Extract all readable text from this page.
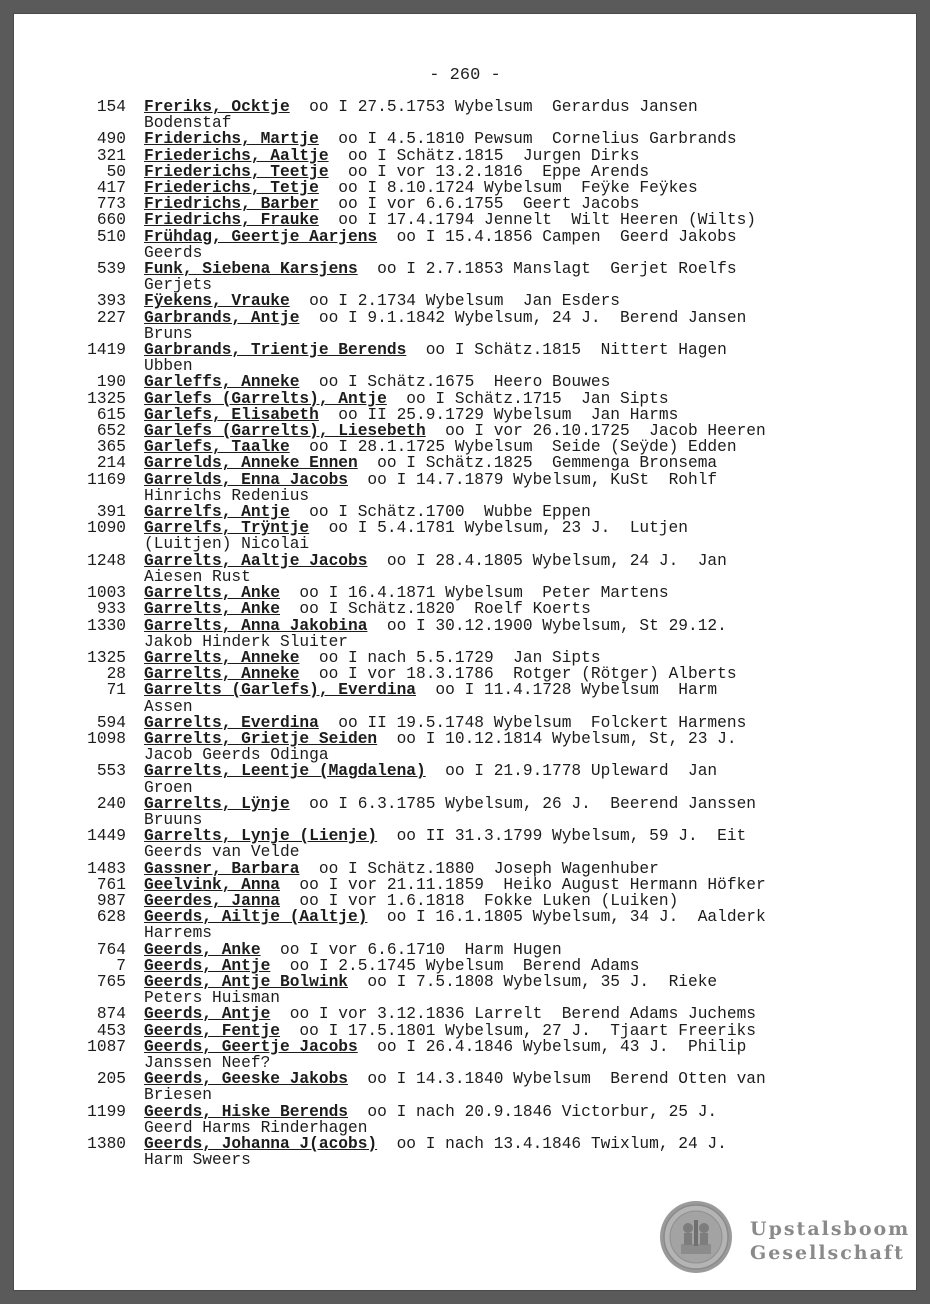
- 260 -
154 Freriks, Ocktje  oo I 27.5.1753 Wybelsum  Gerardus Jansen
Bodenstaf
490 Friderichs, Martje  oo I 4.5.1810 Pewsum  Cornelius Garbrands
321 Friederichs, Aaltje  oo I Schätz.1815  Jurgen Dirks
50 Friederichs, Teetje  oo I vor 13.2.1816  Eppe Arends
417 Friederichs, Tetje  oo I 8.10.1724 Wybelsum  Feÿke Feÿkes
773 Friedrichs, Barber  oo I vor 6.6.1755  Geert Jacobs
660 Friedrichs, Frauke  oo I 17.4.1794 Jennelt  Wilt Heeren (Wilts)
510 Frühdag, Geertje Aarjens  oo I 15.4.1856 Campen  Geerd Jakobs
Geerds
539 Funk, Siebena Karsjens  oo I 2.7.1853 Manslagt  Gerjet Roelfs
Gerjets
393 Fÿekens, Vrauke  oo I 2.1734 Wybelsum  Jan Esders
227 Garbrands, Antje  oo I 9.1.1842 Wybelsum, 24 J.  Berend Jansen
Bruns
1419 Garbrands, Trientje Berends  oo I Schätz.1815  Nittert Hagen
Ubben
190 Garleffs, Anneke  oo I Schätz.1675  Heero Bouwes
1325 Garlefs (Garrelts), Antje  oo I Schätz.1715  Jan Sipts
615 Garlefs, Elisabeth  oo II 25.9.1729 Wybelsum  Jan Harms
652 Garlefs (Garrelts), Liesebeth  oo I vor 26.10.1725  Jacob Heeren
365 Garlefs, Taalke  oo I 28.1.1725 Wybelsum  Seide (Seÿde) Edden
214 Garrelds, Anneke Ennen  oo I Schätz.1825  Gemmenga Bronsema
1169 Garrelds, Enna Jacobs  oo I 14.7.1879 Wybelsum, KuSt  Rohlf
Hinrichs Redenius
391 Garrelfs, Antje  oo I Schätz.1700  Wubbe Eppen
1090 Garrelfs, Trÿntje  oo I 5.4.1781 Wybelsum, 23 J.  Lutjen
(Luitjen) Nicolai
1248 Garrelts, Aaltje Jacobs  oo I 28.4.1805 Wybelsum, 24 J.  Jan
Aiesen Rust
1003 Garrelts, Anke  oo I 16.4.1871 Wybelsum  Peter Martens
933 Garrelts, Anke  oo I Schätz.1820  Roelf Koerts
1330 Garrelts, Anna Jakobina  oo I 30.12.1900 Wybelsum, St 29.12.
Jakob Hinderk Sluiter
1325 Garrelts, Anneke  oo I nach 5.5.1729  Jan Sipts
28 Garrelts, Anneke  oo I vor 18.3.1786  Rotger (Rötger) Alberts
71 Garrelts (Garlefs), Everdina  oo I 11.4.1728 Wybelsum  Harm
Assen
594 Garrelts, Everdina  oo II 19.5.1748 Wybelsum  Folckert Harmens
1098 Garrelts, Grietje Seiden  oo I 10.12.1814 Wybelsum, St, 23 J.
Jacob Geerds Odinga
553 Garrelts, Leentje (Magdalena)  oo I 21.9.1778 Upleward  Jan
Groen
240 Garrelts, Lÿnje  oo I 6.3.1785 Wybelsum, 26 J.  Beerend Janssen
Bruuns
1449 Garrelts, Lynje (Lienje)  oo II 31.3.1799 Wybelsum, 59 J.  Eit
Geerds van Velde
1483 Gassner, Barbara  oo I Schätz.1880  Joseph Wagenhuber
761 Geelvink, Anna  oo I vor 21.11.1859  Heiko August Hermann Höfker
987 Geerdes, Janna  oo I vor 1.6.1818  Fokke Luken (Luiken)
628 Geerds, Ailtje (Aaltje)  oo I 16.1.1805 Wybelsum, 34 J.  Aalderk
Harrems
764 Geerds, Anke  oo I vor 6.6.1710  Harm Hugen
7 Geerds, Antje  oo I 2.5.1745 Wybelsum  Berend Adams
765 Geerds, Antje Bolwink  oo I 7.5.1808 Wybelsum, 35 J.  Rieke
Peters Huisman
874 Geerds, Antje  oo I vor 3.12.1836 Larrelt  Berend Adams Juchems
453 Geerds, Fentje  oo I 17.5.1801 Wybelsum, 27 J.  Tjaart Freeriks
1087 Geerds, Geertje Jacobs  oo I 26.4.1846 Wybelsum, 43 J.  Philip
Janssen Neef?
205 Geerds, Geeske Jakobs  oo I 14.3.1840 Wybelsum  Berend Otten van
Briesen
1199 Geerds, Hiske Berends  oo I nach 20.9.1846 Victorbur, 25 J.
Geerd Harms Rinderhagen
1380 Geerds, Johanna J(acobs)  oo I nach 13.4.1846 Twixlum, 24 J.
Harm Sweers
Upstalsboom
Gesellschaft
